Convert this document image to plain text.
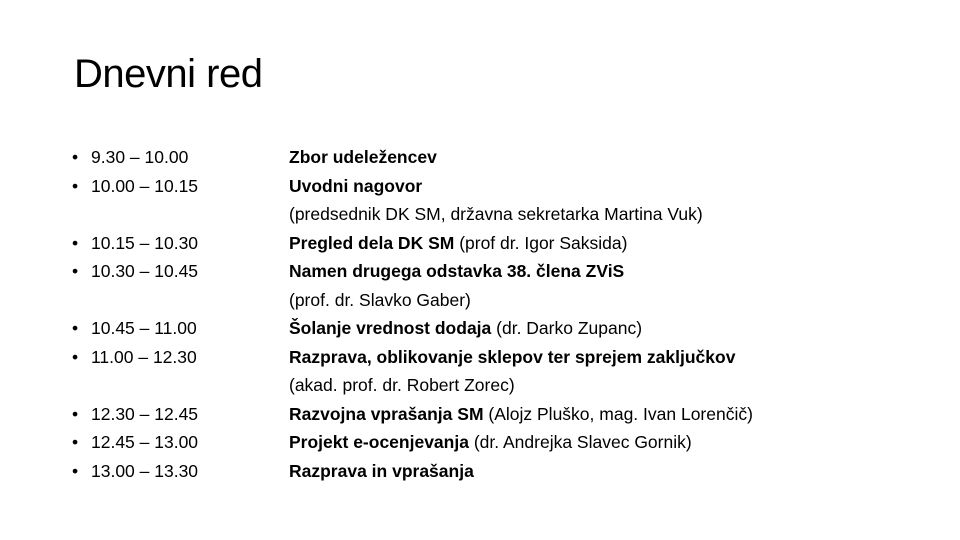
Dnevni red
• 9.30 – 10.00
• 10.00 – 10.15
• 10.15 – 10.30
• 10.30 – 10.45
• 10.45 – 11.00
• 11.00 – 12.30
• 12.30 – 12.45
• 12.45 – 13.00
• 13.00 – 13.30
Zbor udeležencev
Uvodni nagovor
(predsednik DK SM, državna sekretarka Martina Vuk)
Pregled dela DK SM (prof dr. Igor Saksida)
Namen drugega odstavka 38. člena ZViS
(prof. dr. Slavko Gaber)
Šolanje vrednost dodaja (dr. Darko Zupanc)
Razprava, oblikovanje sklepov ter sprejem zaključkov
(akad. prof. dr. Robert Zorec)
Razvojna vprašanja SM (Alojz Pluško, mag. Ivan Lorenčič)
Projekt e-ocenjevanja (dr. Andrejka Slavec Gornik)
Razprava in vprašanja
